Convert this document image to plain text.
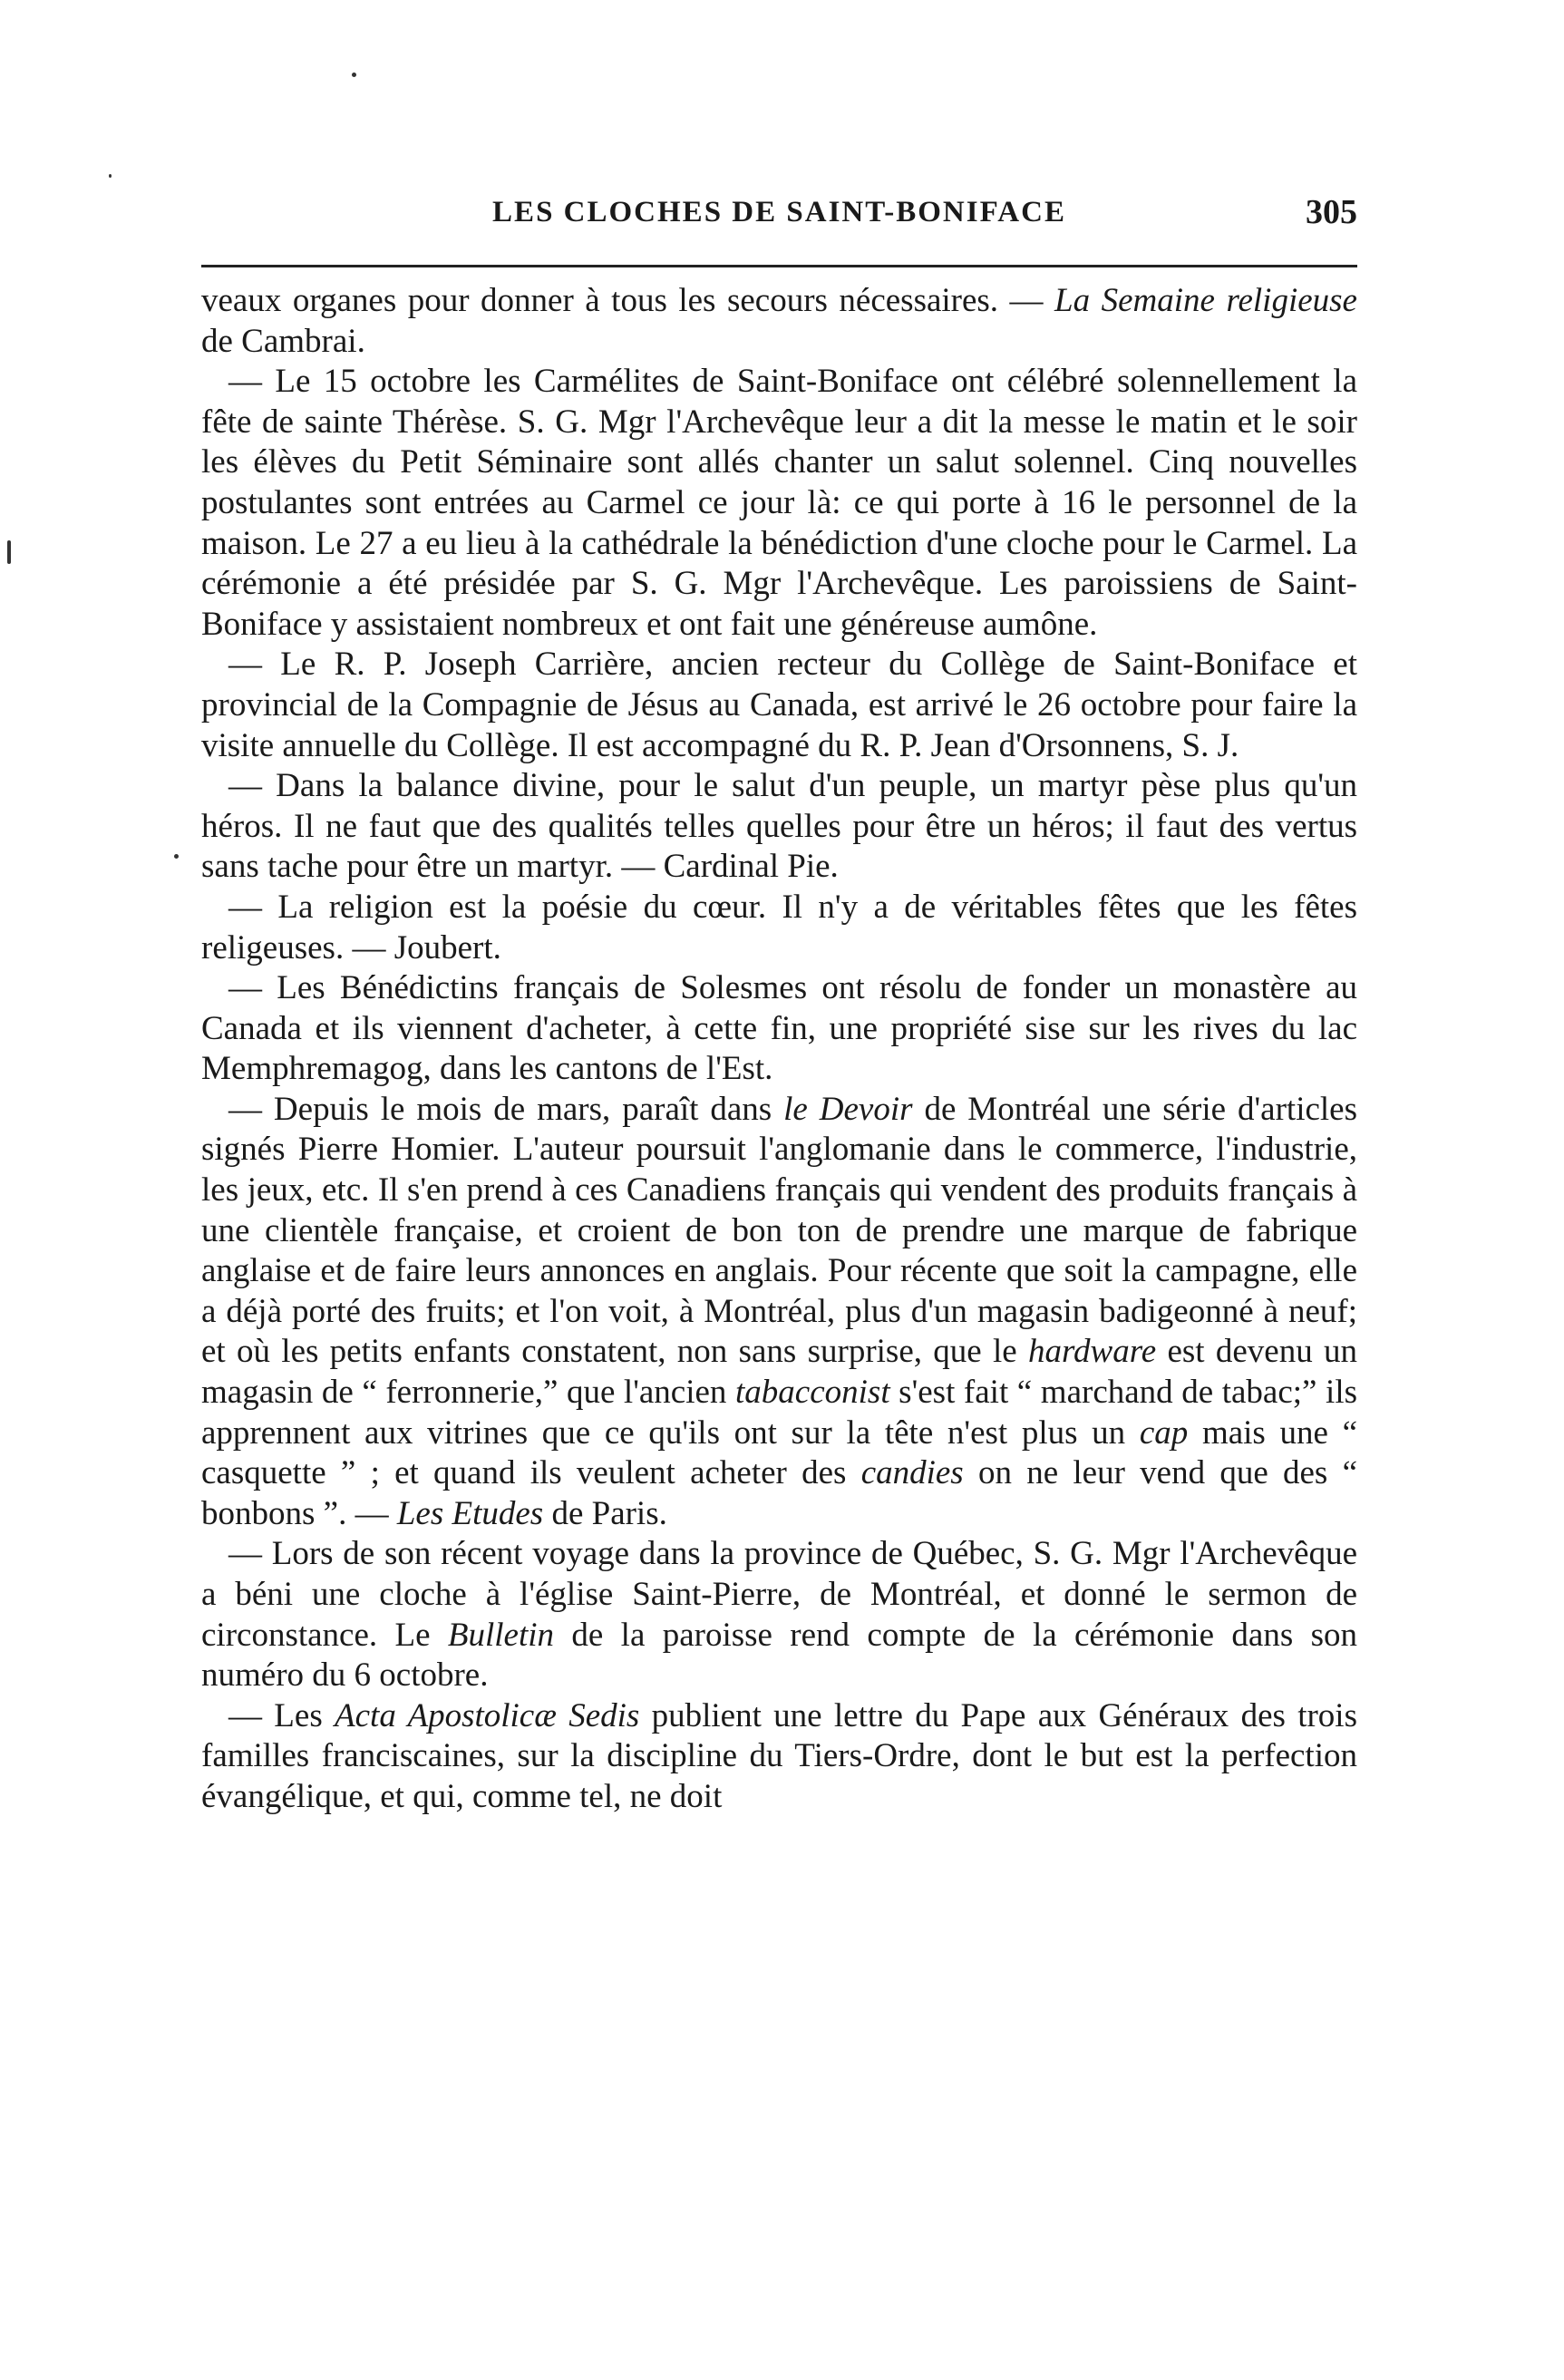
LES CLOCHES DE SAINT-BONIFACE	305

veaux organes pour donner à tous les secours nécessaires. — La Semaine religieuse de Cambrai.

— Le 15 octobre les Carmélites de Saint-Boniface ont célébré solennellement la fête de sainte Thérèse. S. G. Mgr l'Archevêque leur a dit la messe le matin et le soir les élèves du Petit Séminaire sont allés chanter un salut solennel. Cinq nouvelles postulantes sont entrées au Carmel ce jour là: ce qui porte à 16 le personnel de la maison. Le 27 a eu lieu à la cathédrale la bénédiction d'une cloche pour le Carmel. La cérémonie a été présidée par S. G. Mgr l'Archevêque. Les paroissiens de Saint-Boniface y assistaient nombreux et ont fait une généreuse aumône.

— Le R. P. Joseph Carrière, ancien recteur du Collège de Saint-Boniface et provincial de la Compagnie de Jésus au Canada, est arrivé le 26 octobre pour faire la visite annuelle du Collège. Il est accompagné du R. P. Jean d'Orsonnens, S. J.

— Dans la balance divine, pour le salut d'un peuple, un martyr pèse plus qu'un héros. Il ne faut que des qualités telles quelles pour être un héros; il faut des vertus sans tache pour être un martyr. — Cardinal Pie.

— La religion est la poésie du cœur. Il n'y a de véritables fêtes que les fêtes religeuses. — Joubert.

— Les Bénédictins français de Solesmes ont résolu de fonder un monastère au Canada et ils viennent d'acheter, à cette fin, une propriété sise sur les rives du lac Memphremagog, dans les cantons de l'Est.

— Depuis le mois de mars, paraît dans le Devoir de Montréal une série d'articles signés Pierre Homier. L'auteur poursuit l'anglomanie dans le commerce, l'industrie, les jeux, etc. Il s'en prend à ces Canadiens français qui vendent des produits français à une clientèle française, et croient de bon ton de prendre une marque de fabrique anglaise et de faire leurs annonces en anglais. Pour récente que soit la campagne, elle a déjà porté des fruits; et l'on voit, à Montréal, plus d'un magasin badigeonné à neuf; et où les petits enfants constatent, non sans surprise, que le hardware est devenu un magasin de “ ferronnerie,” que l'ancien tabacconist s'est fait “ marchand de tabac;” ils apprennent aux vitrines que ce qu'ils ont sur la tête n'est plus un cap mais une “ casquette ” ; et quand ils veulent acheter des candies on ne leur vend que des “ bonbons ”. — Les Etudes de Paris.

— Lors de son récent voyage dans la province de Québec, S. G. Mgr l'Archevêque a béni une cloche à l'église Saint-Pierre, de Montréal, et donné le sermon de circonstance. Le Bulletin de la paroisse rend compte de la cérémonie dans son numéro du 6 octobre.

— Les Acta Apostolicæ Sedis publient une lettre du Pape aux Généraux des trois familles franciscaines, sur la discipline du Tiers-Ordre, dont le but est la perfection évangélique, et qui, comme tel, ne doit
